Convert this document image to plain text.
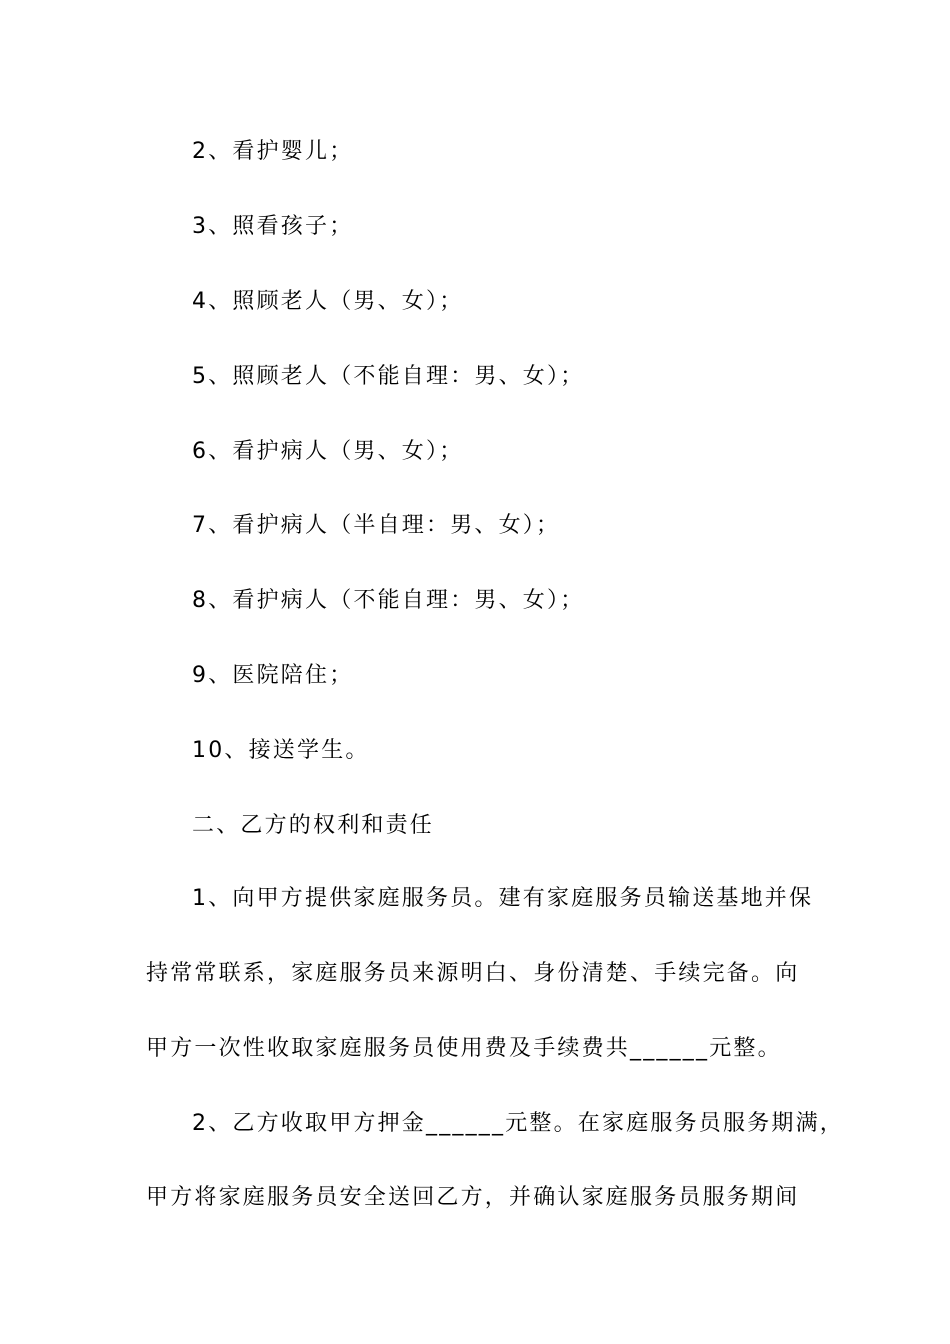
2、看护婴儿；
3、照看孩子；
4、照顾老人（男、女）；
5、照顾老人（不能自理：男、女）；
6、看护病人（男、女）；
7、看护病人（半自理：男、女）；
8、看护病人（不能自理：男、女）；
9、医院陪住；
10、接送学生。
二、乙方的权利和责任
1、向甲方提供家庭服务员。建有家庭服务员输送基地并保
持常常联系，家庭服务员来源明白、身份清楚、手续完备。向
甲方一次性收取家庭服务员使用费及手续费共______元整。
2、乙方收取甲方押金______元整。在家庭服务员服务期满，
甲方将家庭服务员安全送回乙方，并确认家庭服务员服务期间
